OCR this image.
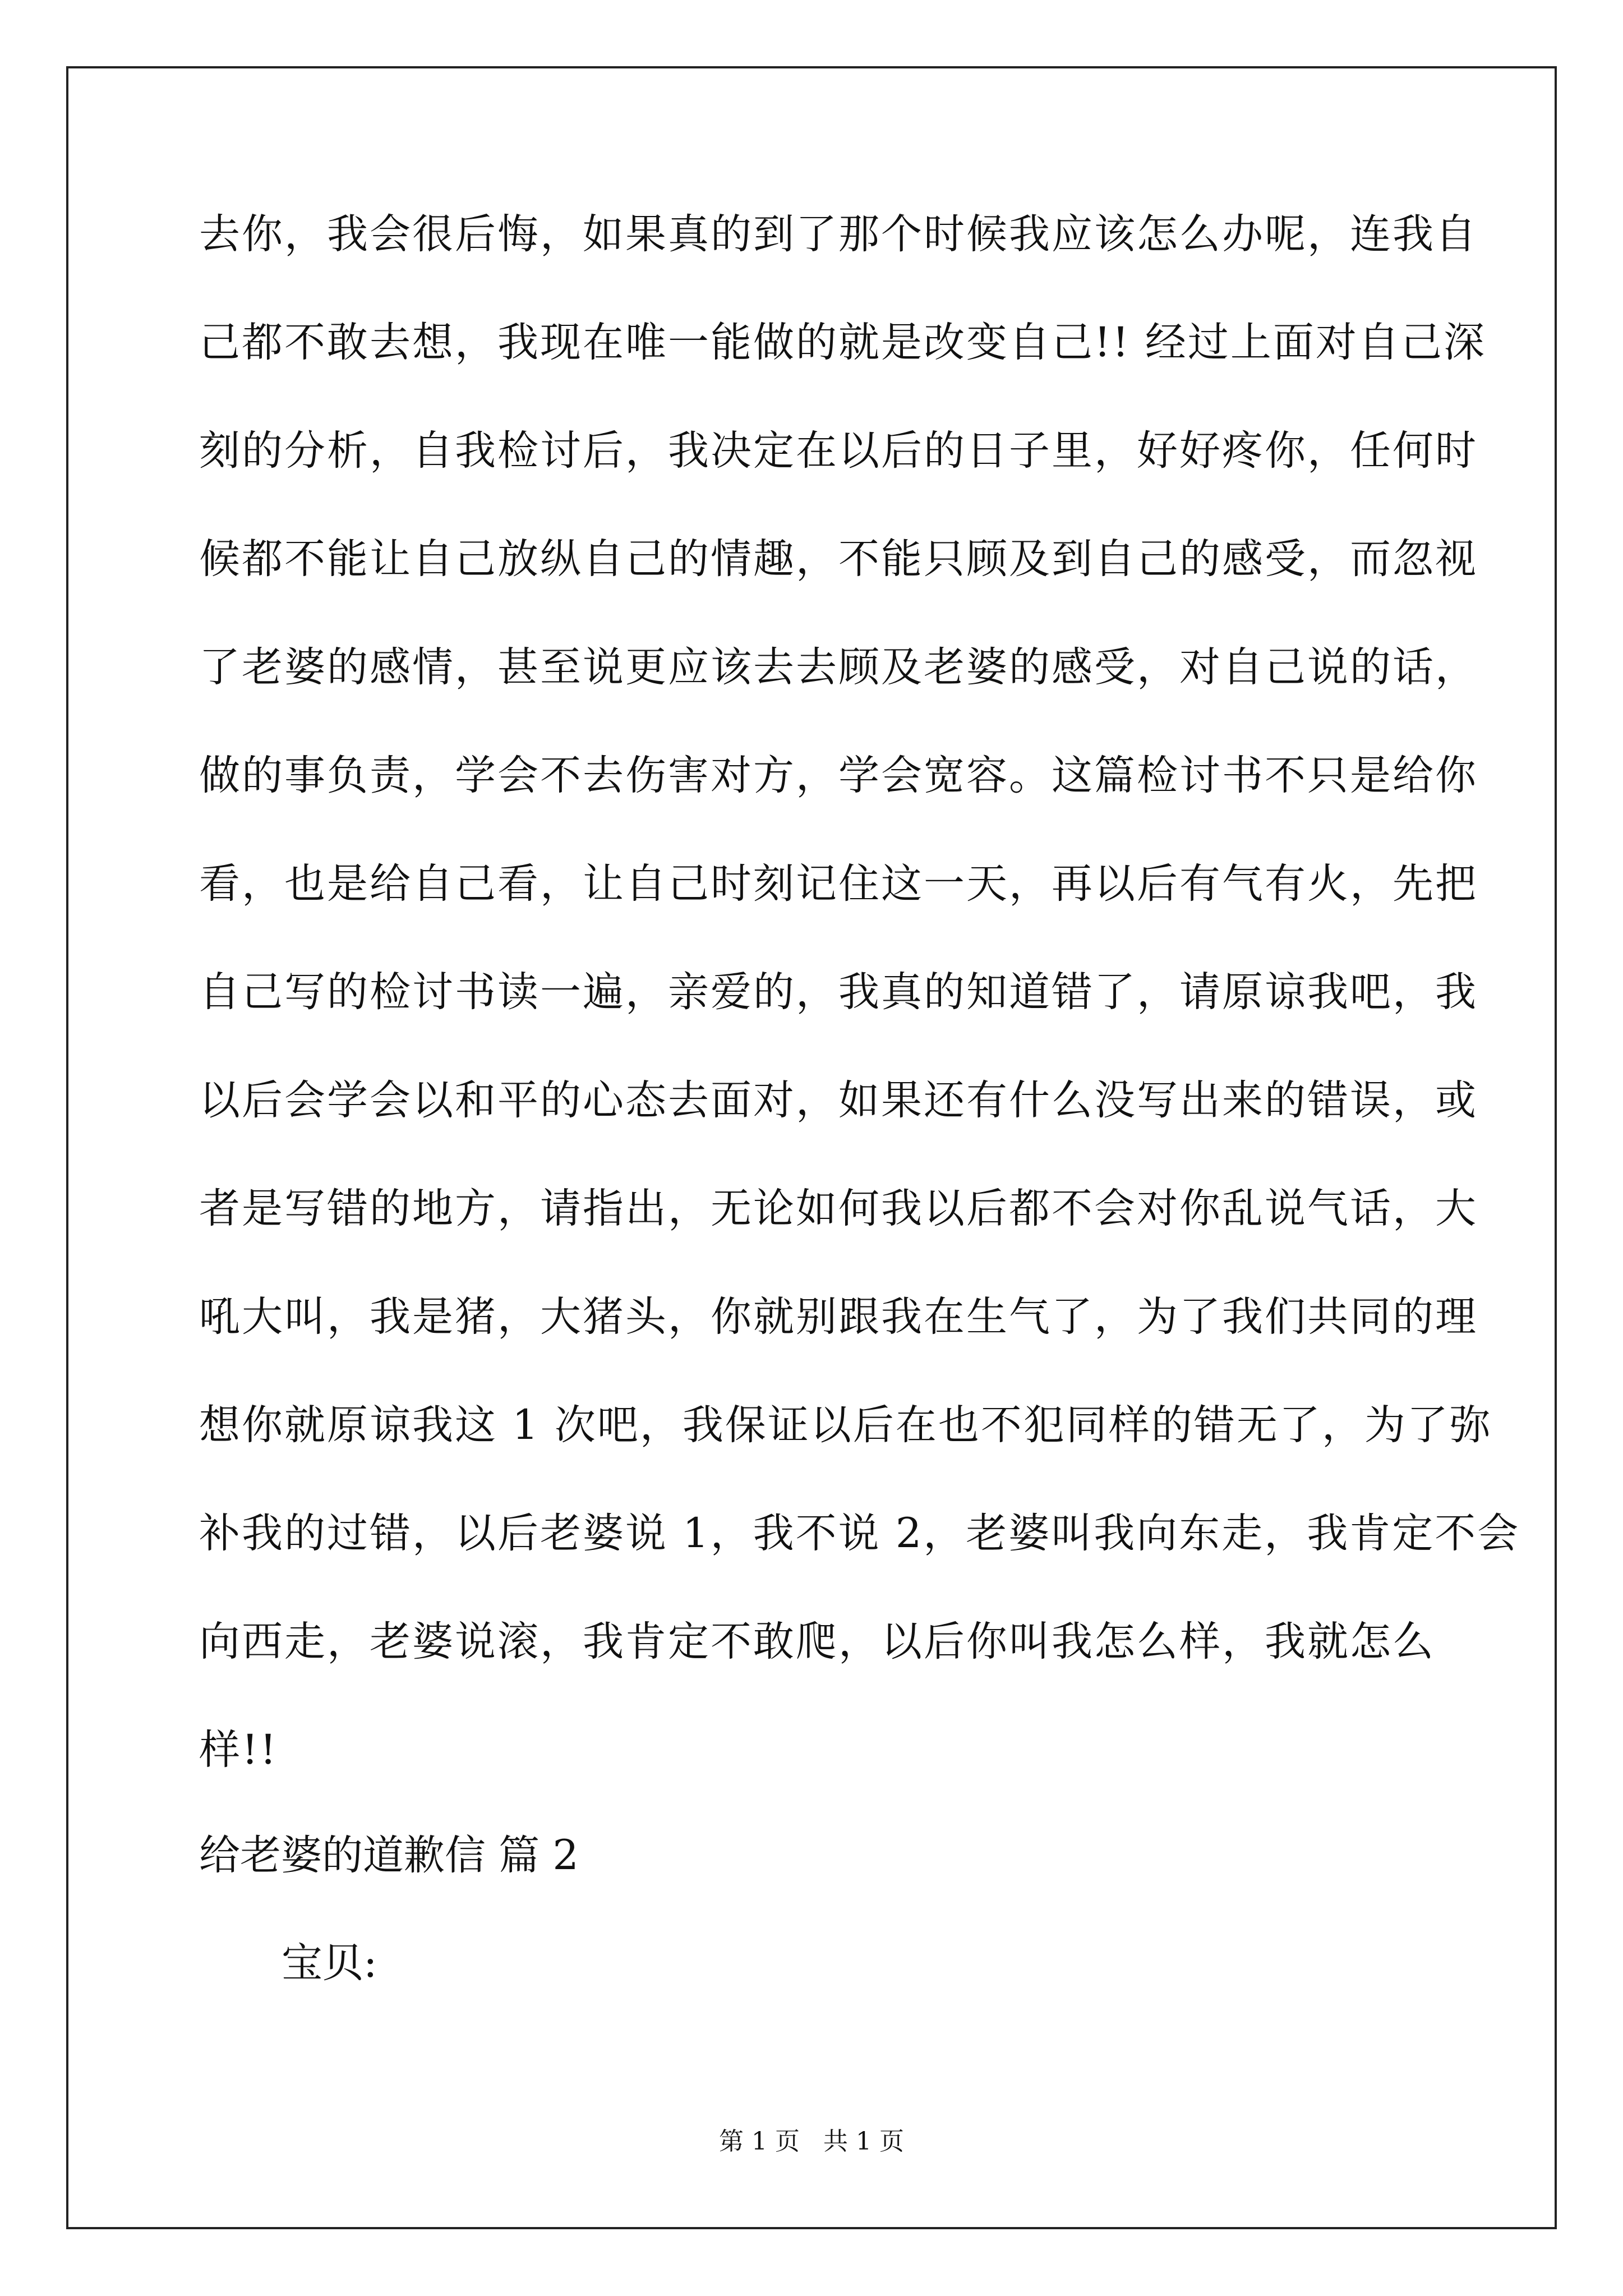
去你，我会很后悔，如果真的到了那个时候我应该怎么办呢，连我自
己都不敢去想，我现在唯一能做的就是改变自己!! 经过上面对自己深
刻的分析，自我检讨后，我决定在以后的日子里，好好疼你，任何时
候都不能让自己放纵自己的情趣，不能只顾及到自己的感受，而忽视
了老婆的感情，甚至说更应该去去顾及老婆的感受，对自己说的话，
做的事负责，学会不去伤害对方，学会宽容。这篇检讨书不只是给你
看，也是给自己看，让自己时刻记住这一天，再以后有气有火，先把
自己写的检讨书读一遍，亲爱的，我真的知道错了，请原谅我吧，我
以后会学会以和平的心态去面对，如果还有什么没写出来的错误，或
者是写错的地方，请指出，无论如何我以后都不会对你乱说气话，大
吼大叫，我是猪，大猪头，你就别跟我在生气了，为了我们共同的理
想你就原谅我这 1 次吧，我保证以后在也不犯同样的错无了，为了弥
补我的过错，以后老婆说 1，我不说 2，老婆叫我向东走，我肯定不会
向西走，老婆说滚，我肯定不敢爬，以后你叫我怎么样，我就怎么
样!!
给老婆的道歉信 篇 2
宝贝:
第 1 页   共 1 页
